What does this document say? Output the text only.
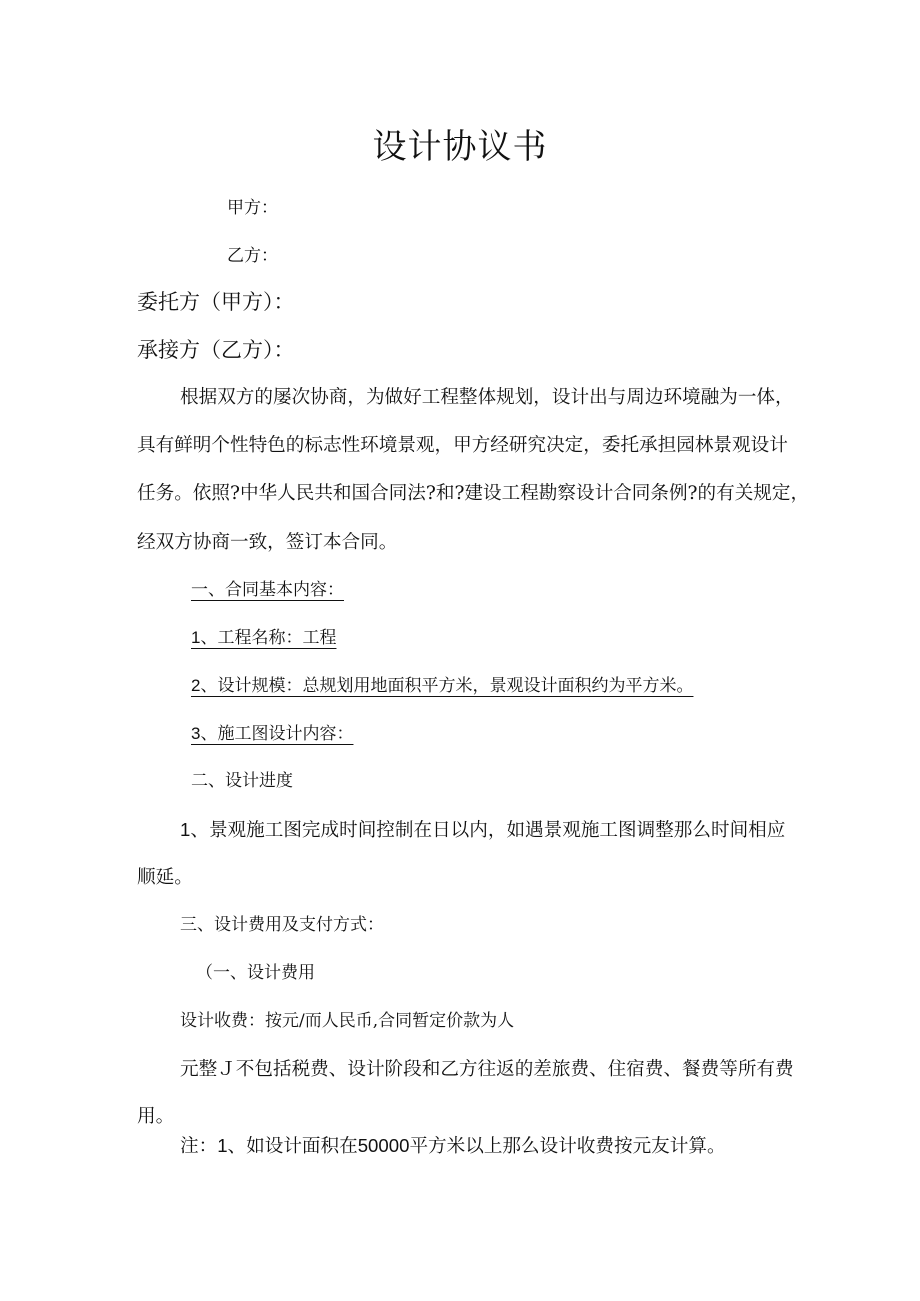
设计协议书
甲方：
乙方：
委托方（甲方）：
承接方（乙方）：
根据双方的屡次协商，为做好工程整体规划，设计出与周边环境融为一体，
具有鲜明个性特色的标志性环境景观，甲方经研究决定，委托承担园林景观设计
任务。依照?中华人民共和国合同法?和?建设工程勘察设计合同条例?的有关规定，
经双方协商一致，签订本合同。
一、合同基本内容：
1、工程名称：工程
2、设计规模：总规划用地面积平方米，景观设计面积约为平方米。
3、施工图设计内容：
二、设计进度
1、景观施工图完成时间控制在日以内，如遇景观施工图调整那么时间相应
顺延。
三、设计费用及支付方式：
（一、设计费用
设计收费：按元/而人民币,合同暂定价款为人
元整Ｊ不包括税费、设计阶段和乙方往返的差旅费、住宿费、餐费等所有费
用。
注：1、如设计面积在50000平方米以上那么设计收费按元友计算。
